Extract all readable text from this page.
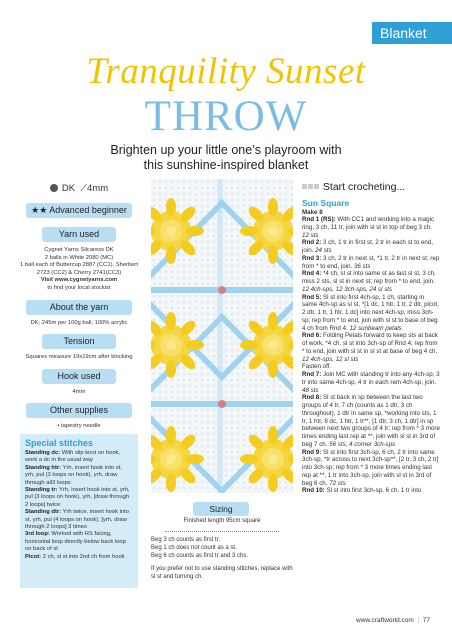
Blanket
Tranquility Sunset
THROW
Brighten up your little one’s playroom with this sunshine-inspired blanket
DK ⟋4mm
★★ Advanced beginner
Yarn used
Cygnet Yarns Silcaress DK
2 balls in White 2080 (MC)
1 ball each of Buttercup 2887 (CC1), Sherbert 2723 (CC2) & Cherry 2741(CC3)
Visit www.cygnetyarns.com
to find your local stockist
About the yarn
DK; 245m per 100g ball; 100% acrylic
Tension
Squares measure 19x19cm after blocking
Hook used
4mm
Other supplies
• tapestry needle
Special stitches

Standing dc: With slip knot on hook, work a dc in the usual way

Standing htr: Yrh, insert hook into st, yrh, pul (3 loops on hook), yrh, draw through all3 loops

Standing tr: Yrh, insert hook into st, yrh, pul (3 loops on hook), yrh, [draw through 2 loops] twice

Standing dtr: Yrh twice, insert hook into st, yrh, pul (4 loops on hook), [yrh, draw through 2 loops] 3 times

3rd loop: Worked with RS facing, horizontal loop directly below back loop on back of st

Picot: 2 ch, sl st into 2nd ch from hook

Sizing
Finished length 95cm square

Beg 3 ch counts as first tr.

Beg 1 ch does not count as a st.

Beg 6 ch counts as first tr and 3 chs.

If you prefer not to use standing stitches, replace with sl st and turning ch.

Start crocheting...
Sun Square
Make 8

Rnd 1 (RS): With CC1 and working into a magic ring, 3 ch, 11 tr, join with sl st in top of beg 3 ch. 12 sts

Rnd 2: 3 ch, 1 tr in first st, 2 tr in each st to end, join. 24 sts

Rnd 3: 3 ch, 2 tr in next st, *1 tr, 2 tr in next st; rep from * to end, join. 36 sts

Rnd 4: *4 ch, sl st into same st as last sl st, 3 ch, miss 2 sts, sl st in next st; rep from * to end, join. 12 4ch-sps, 12 3ch-sps, 24 sl sts

Rnd 5: Sl st into first 4ch-sp, 1 ch, starting in same 4ch-sp as sl st, *[1 dc, 1 htr, 1 tr, 2 dtr, picot, 2 dtr, 1 tr, 1 htr, 1 dc] into next 4ch-sp, miss 3ch-sp; rep from * to end, join with sl st to base of beg 4 ch from Rnd 4. 12 sunbeam petals

Rnd 6: Folding Petals forward to keep sts at back of work, *4 ch, sl st into 3ch-sp of Rnd 4; rep from * to end, join with sl st in sl st at base of beg 4 ch. 12 4ch-sps, 12 sl sts

Fasten off.

Rnd 7: Join MC with standing tr into any 4ch-sp, 3 tr into same 4ch-sp, 4 tr in each rem 4ch-sp, join. 48 sts

Rnd 8: Sl st back in sp between the last two groups of 4 tr, 7 ch (counts as 1 dtr, 3 ch throughout), 1 dtr in same sp, *working into sts, 1 tr, 1 htr, 8 dc, 1 htr, 1 tr**, [1 dtr, 3 ch, 1 dtr] in sp between next two groups of 4 tr; rep from * 3 more times ending last rep at **, join with sl st in 3rd of beg 7 ch. 56 sts, 4 corner 3ch-sps

Rnd 9: Sl st into first 3ch-sp, 6 ch, 2 tr into same 3ch-sp, *tr across to next 3ch-sp**, [2 tr, 3 ch, 2 tr] into 3ch-sp; rep from * 3 more times ending last rep at **, 1 tr into 3ch-sp, join with sl st in 3rd of beg 6 ch. 72 sts

Rnd 10: Sl st into first 3ch-sp, 6 ch, 1 tr into

www.craftworld.com  |  77
